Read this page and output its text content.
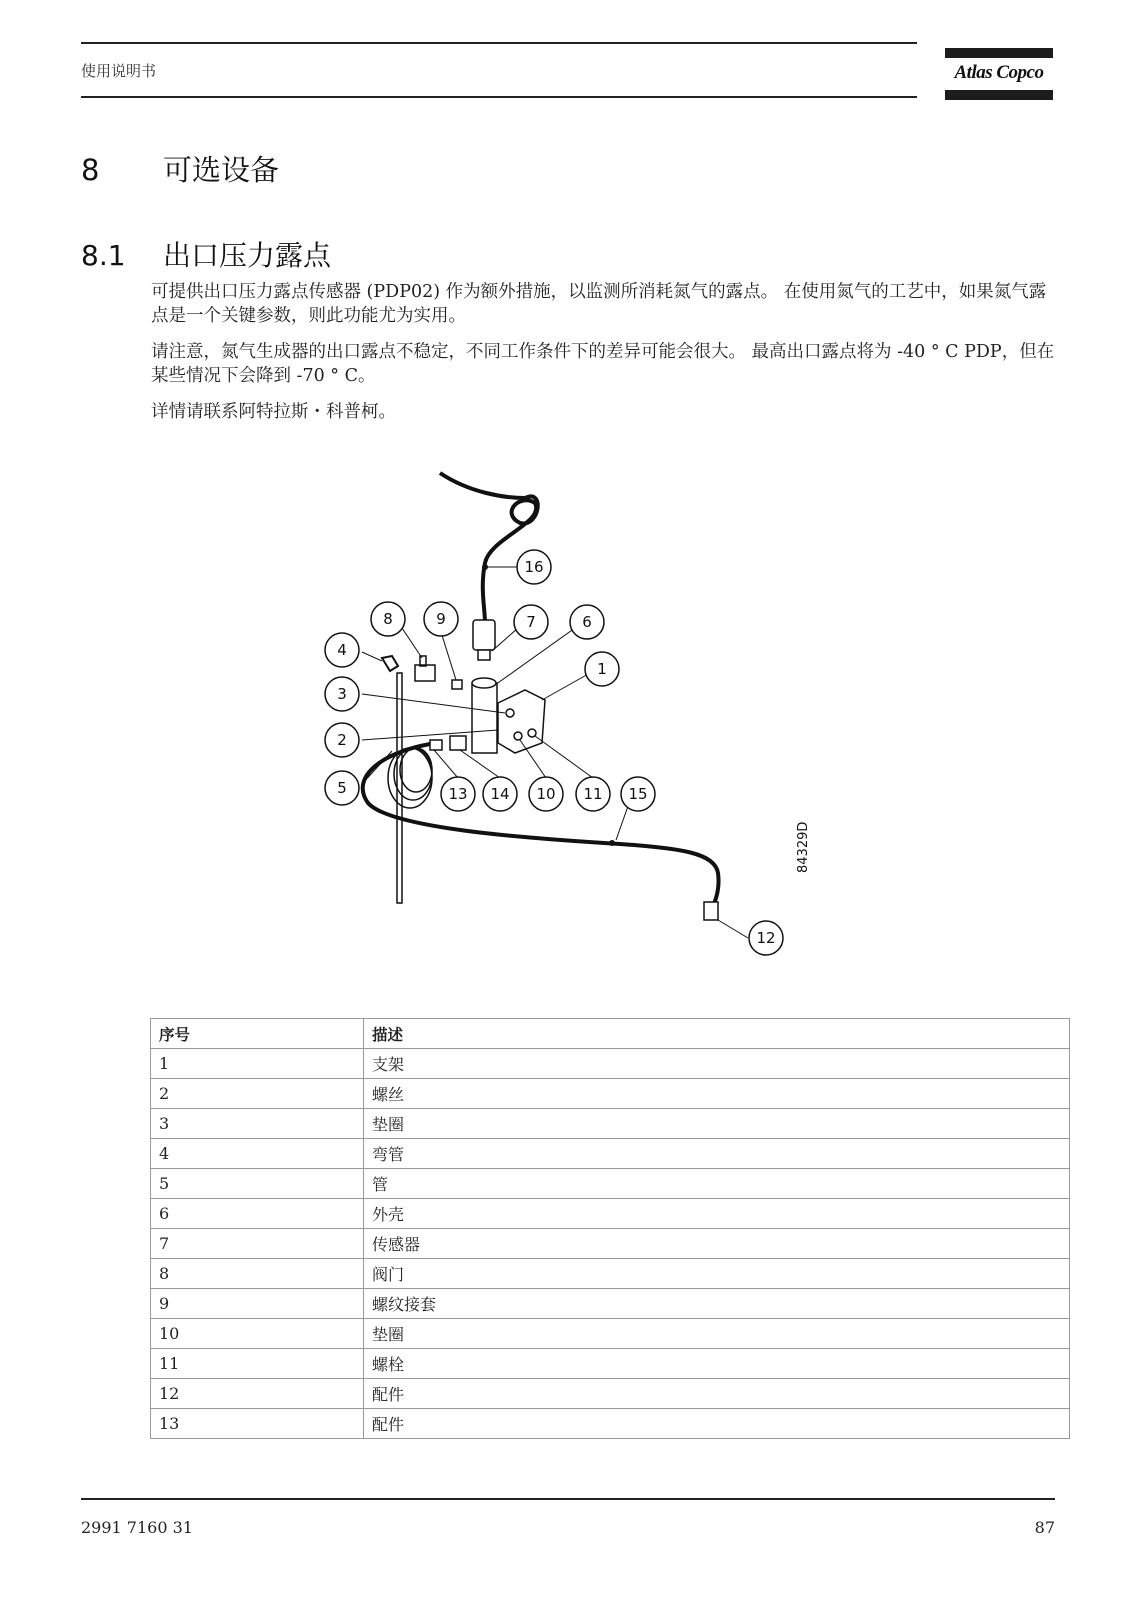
使用说明书	Atlas Copco
8 可选设备
8.1 出口压力露点
可提供出口压力露点传感器 (PDP02) 作为额外措施，以监测所消耗氮气的露点。 在使用氮气的工艺中，如果氮气露点是一个关键参数，则此功能尤为实用。
请注意，氮气生成器的出口露点不稳定，不同工作条件下的差异可能会很大。 最高出口露点将为 -40 ° C PDP，但在某些情况下会降到 -70 ° C。
详情请联系阿特拉斯・科普柯。
16
8	9	7	6
4
1
3
2
5	13 14 10 11 15
12
84329D
序号	描述
1	支架
2	螺丝
3	垫圈
4	弯管
5	管
6	外壳
7	传感器
8	阀门
9	螺纹接套
10	垫圈
11	螺栓
12	配件
13	配件
2991 7160 31	87
